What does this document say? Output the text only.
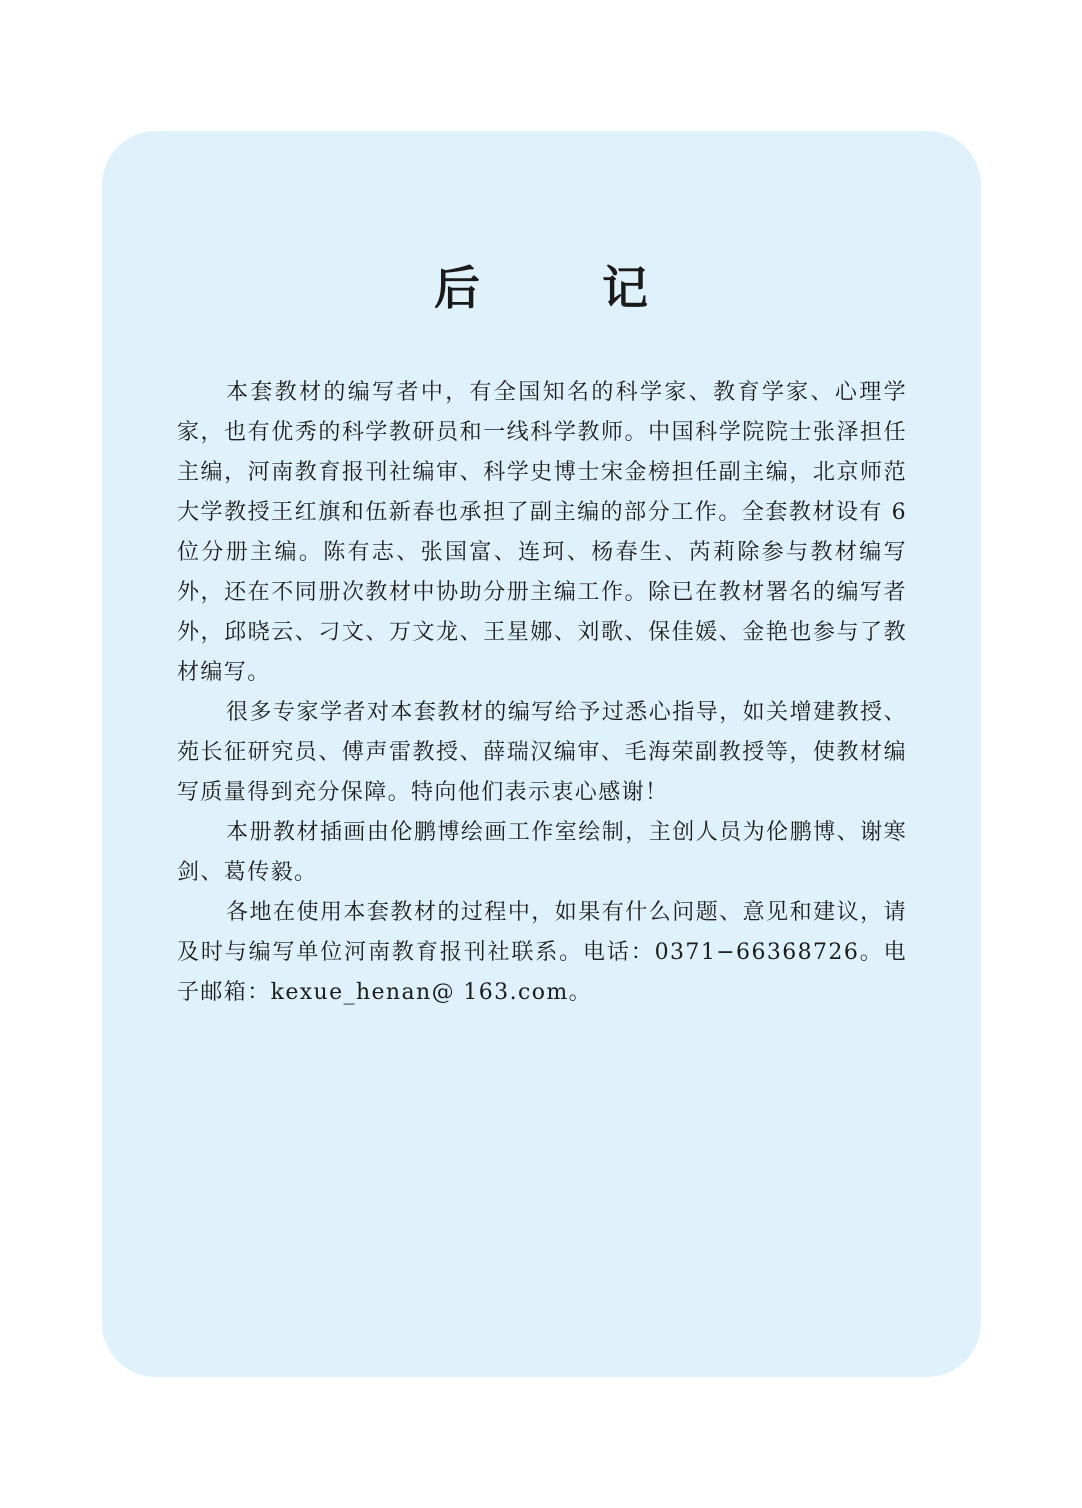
后　记

本套教材的编写者中，有全国知名的科学家、教育学家、心理学家，也有优秀的科学教研员和一线科学教师。中国科学院院士张泽担任主编，河南教育报刊社编审、科学史博士宋金榜担任副主编，北京师范大学教授王红旗和伍新春也承担了副主编的部分工作。全套教材设有 6 位分册主编。陈有志、张国富、连珂、杨春生、芮莉除参与教材编写外，还在不同册次教材中协助分册主编工作。除已在教材署名的编写者外，邱晓云、刁文、万文龙、王星娜、刘歌、保佳媛、金艳也参与了教材编写。

很多专家学者对本套教材的编写给予过悉心指导，如关增建教授、苑长征研究员、傅声雷教授、薛瑞汉编审、毛海荣副教授等，使教材编写质量得到充分保障。特向他们表示衷心感谢！

本册教材插画由伦鹏博绘画工作室绘制，主创人员为伦鹏博、谢寒剑、葛传毅。

各地在使用本套教材的过程中，如果有什么问题、意见和建议，请及时与编写单位河南教育报刊社联系。电话：0371−66368726。电子邮箱：kexue_henan@ 163.com。
